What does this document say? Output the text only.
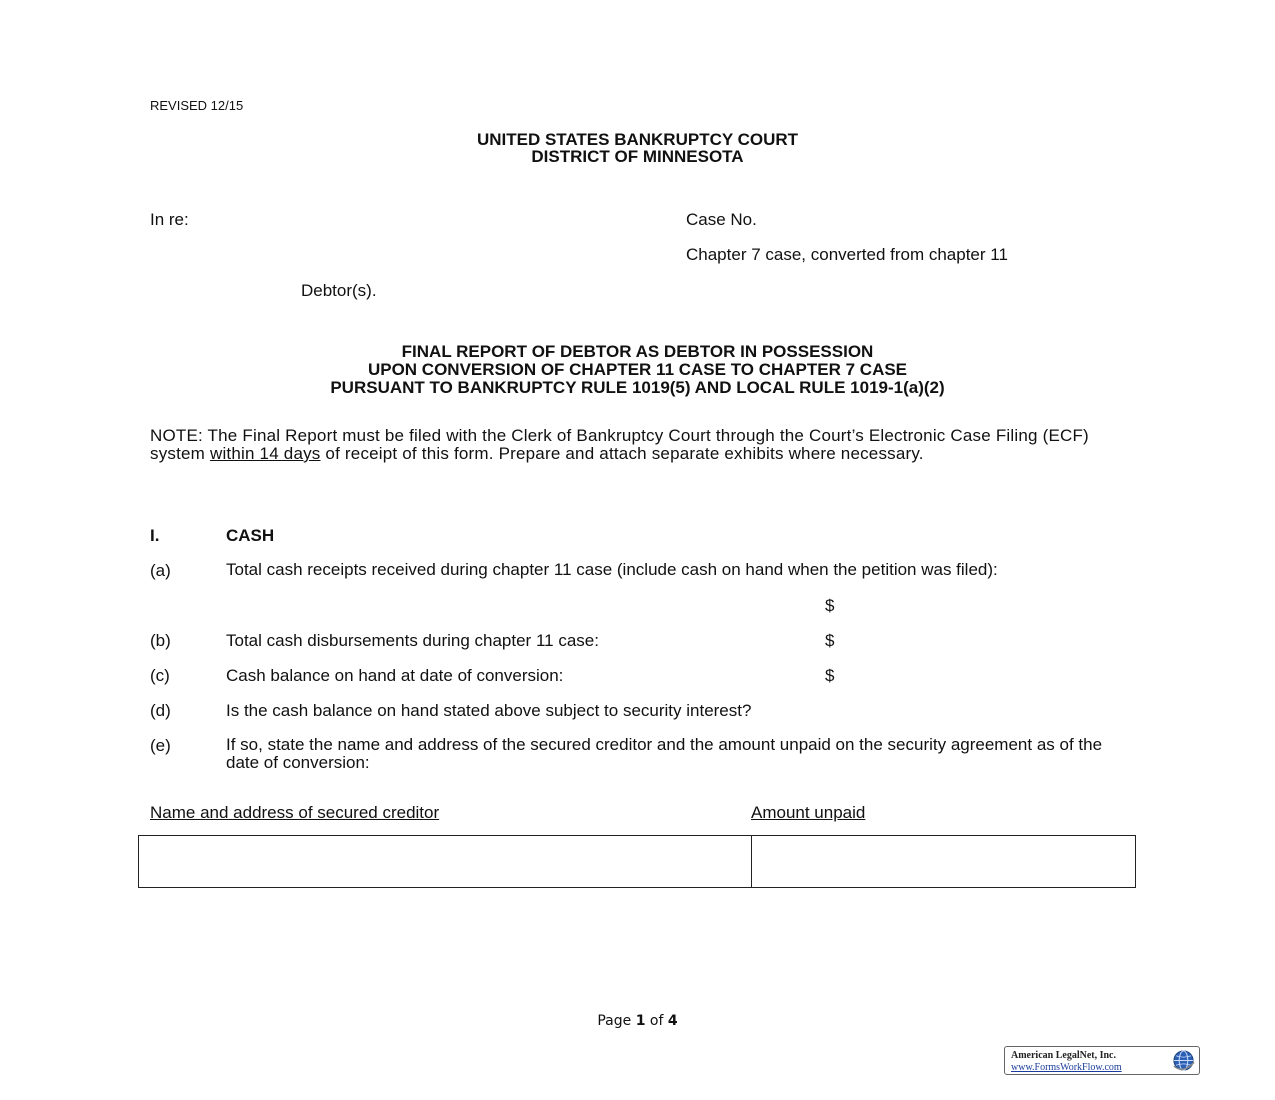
REVISED 12/15
UNITED STATES BANKRUPTCY COURT
DISTRICT OF MINNESOTA
In re:	Case No.
Chapter 7 case, converted from chapter 11
Debtor(s).
FINAL REPORT OF DEBTOR AS DEBTOR IN POSSESSION
UPON CONVERSION OF CHAPTER 11 CASE TO CHAPTER 7 CASE
PURSUANT TO BANKRUPTCY RULE 1019(5) AND LOCAL RULE 1019-1(a)(2)
NOTE: The Final Report must be filed with the Clerk of Bankruptcy Court through the Court’s Electronic Case Filing (ECF) system within 14 days of receipt of this form. Prepare and attach separate exhibits where necessary.
I.	CASH
(a)	Total cash receipts received during chapter 11 case (include cash on hand when the petition was filed):
$
(b)	Total cash disbursements during chapter 11 case:	$
(c)	Cash balance on hand at date of conversion:	$
(d)	Is the cash balance on hand stated above subject to security interest?
(e)	If so, state the name and address of the secured creditor and the amount unpaid on the security agreement as of the date of conversion:
Name and address of secured creditor	Amount unpaid
Page 1 of 4
American LegalNet, Inc.
www.FormsWorkFlow.com
